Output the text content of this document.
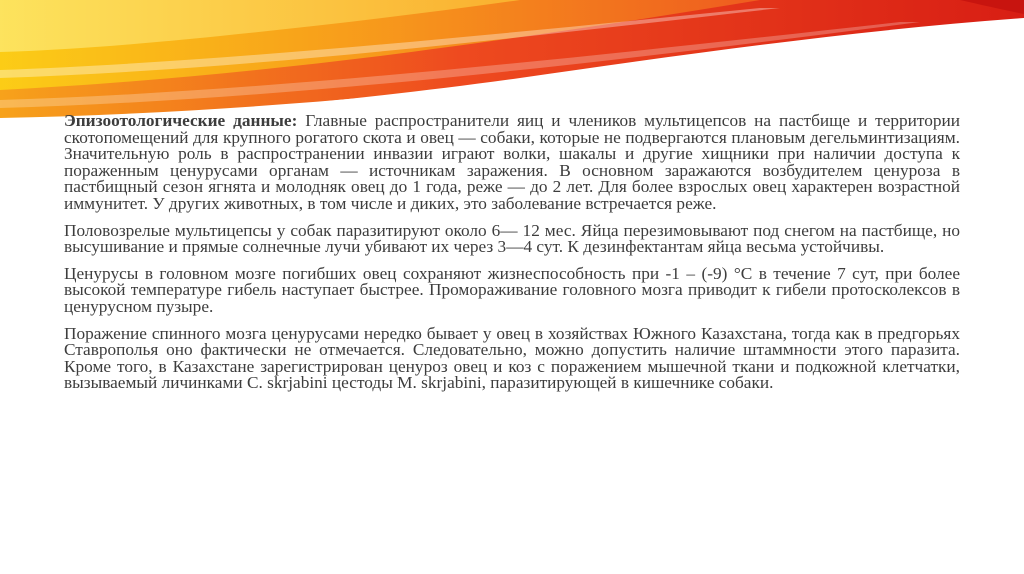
Эпизоотологические данные: Главные распространители яиц и члеников мультицепсов на пастбище и территории скотопомещений для крупного рогатого скота и овец — собаки, которые не подвергаются плановым дегельминтизациям. Значительную роль в распространении инвазии играют волки, шакалы и другие хищники при наличии доступа к пораженным ценурусами органам — источникам заражения. В основном заражаются возбудителем ценуроза в пастбищный сезон ягнята и молодняк овец до 1 года, реже — до 2 лет. Для более взрослых овец характерен возрастной иммунитет. У других животных, в том числе и диких, это заболевание встречается реже.

Половозрелые мультицепсы у собак паразитируют около 6— 12 мес. Яйца перезимовывают под снегом на пастбище, но высушивание и прямые солнечные лучи убивают их через 3—4 сут. К дезинфектантам яйца весьма устойчивы.

Ценурусы в головном мозге погибших овец сохраняют жизнеспособность при -1 – (-9) °С в течение 7 сут, при более высокой температуре гибель наступает быстрее. Промораживание головного мозга приводит к гибели протосколексов в ценурусном пузыре.

Поражение спинного мозга ценурусами нередко бывает у овец в хозяйствах Южного Казахстана, тогда как в предгорьях Ставрополья оно фактически не отмечается. Следовательно, можно допустить наличие штаммности этого паразита. Кроме того, в Казахстане зарегистрирован ценуроз овец и коз с поражением мышечной ткани и подкожной клетчатки, вызываемый личинками С. skrjabini цестоды М. skrjabini, паразитирующей в кишечнике собаки.
